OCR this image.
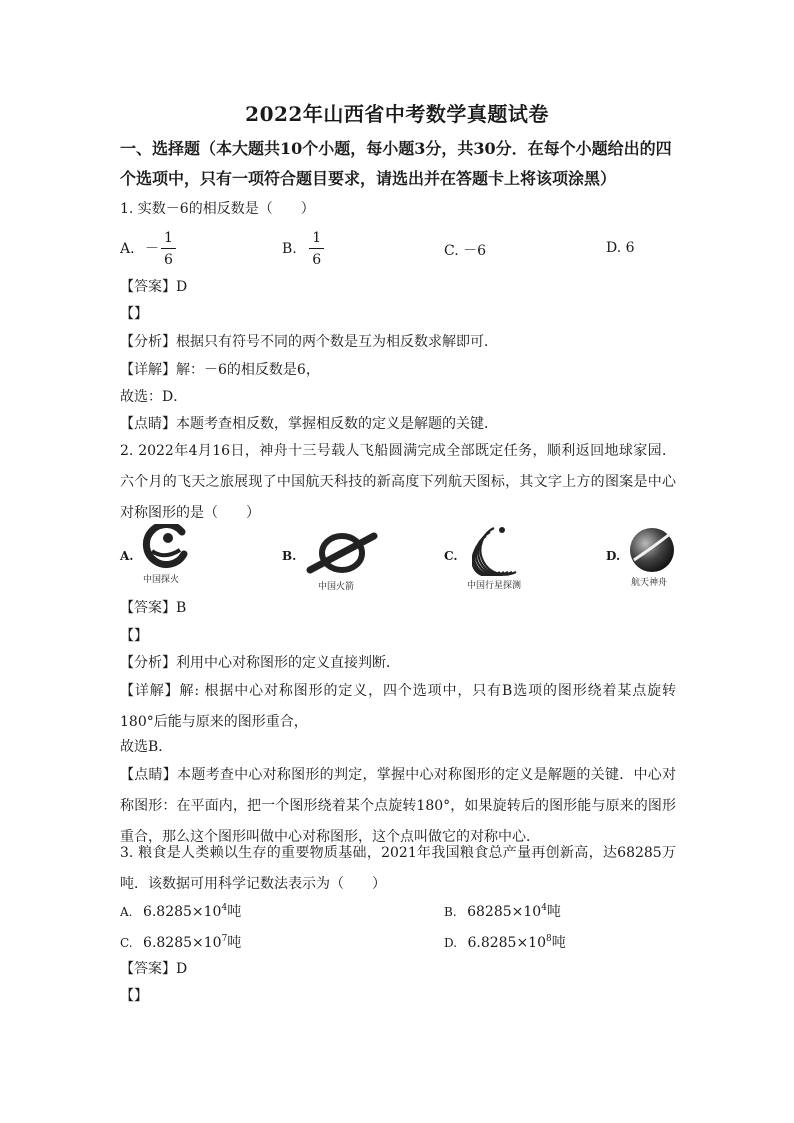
2022年山西省中考数学真题试卷
一、选择题（本大题共10个小题，每小题3分，共30分．在每个小题给出的四个选项中，只有一项符合题目要求，请选出并在答题卡上将该项涂黑）
1. 实数－6的相反数是（　　）
A. － $\frac{1}{6}$	B. $\frac{1}{6}$	C. －6	D. 6
【答案】D
【】
【分析】根据只有符号不同的两个数是互为相反数求解即可．
【详解】解：－6的相反数是6，
故选：D．
【点睛】本题考查相反数，掌握相反数的定义是解题的关键．
2. 2022年4月16日，神舟十三号载人飞船圆满完成全部既定任务，顺利返回地球家园．六个月的飞天之旅展现了中国航天科技的新高度下列航天图标，其文字上方的图案是中心对称图形的是（　　）
A.
中国探火
B.
中国火箭
C.
中国行星探测
D.
航天神舟
【答案】B
【】
【分析】利用中心对称图形的定义直接判断．
【详解】解: 根据中心对称图形的定义，四个选项中，只有B选项的图形绕着某点旋转180°后能与原来的图形重合，
故选B．
【点睛】本题考查中心对称图形的判定，掌握中心对称图形的定义是解题的关键．中心对称图形：在平面内，把一个图形绕着某个点旋转180°，如果旋转后的图形能与原来的图形重合，那么这个图形叫做中心对称图形，这个点叫做它的对称中心．
3. 粮食是人类赖以生存的重要物质基础，2021年我国粮食总产量再创新高，达68285万吨．该数据可用科学记数法表示为（　　）
A. $6.8285\times 10^4$吨	B. $68285\times 10^4$吨
C. $6.8285\times 10^7$吨	D. $6.8285\times 10^8$吨
【答案】D
【】
